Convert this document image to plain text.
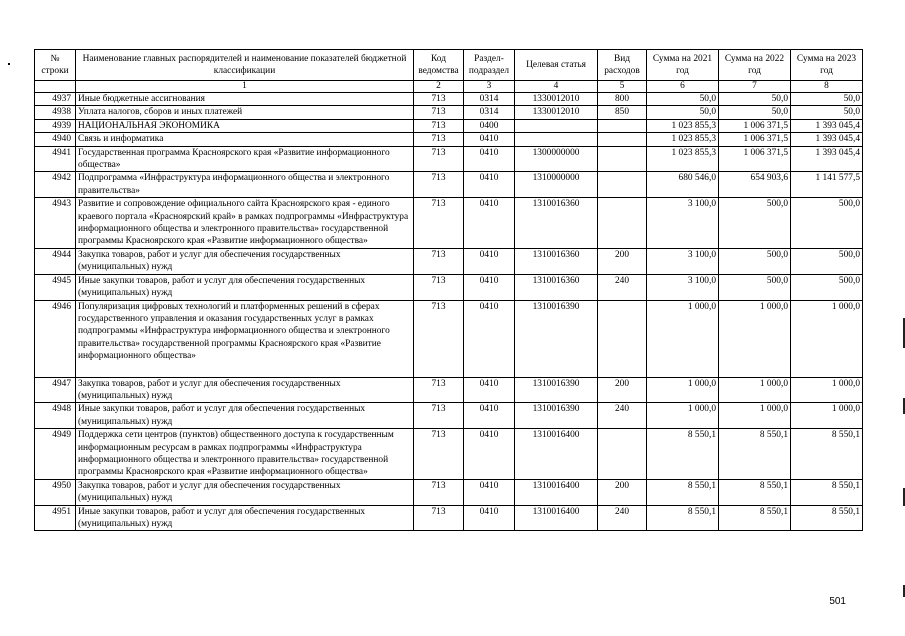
№ строки	Наименование главных распорядителей и наименование показателей бюджетной классификации	Код ведомства	Раздел-подраздел	Целевая статья	Вид расходов	Сумма на 2021 год	Сумма на 2022 год	Сумма на 2023 год
	1	2	3	4	5	6	7	8
4937	Иные бюджетные ассигнования	713	0314	1330012010	800	50,0	50,0	50,0
4938	Уплата налогов, сборов и иных платежей	713	0314	1330012010	850	50,0	50,0	50,0
4939	НАЦИОНАЛЬНАЯ ЭКОНОМИКА	713	0400			1 023 855,3	1 006 371,5	1 393 045,4
4940	Связь и информатика	713	0410			1 023 855,3	1 006 371,5	1 393 045,4
4941	Государственная программа Красноярского края «Развитие информационного общества»	713	0410	1300000000		1 023 855,3	1 006 371,5	1 393 045,4
4942	Подпрограмма «Инфраструктура информационного общества и электронного правительства»	713	0410	1310000000		680 546,0	654 903,6	1 141 577,5
4943	Развитие и сопровождение официального сайта Красноярского края - единого краевого портала «Красноярский край» в рамках подпрограммы «Инфраструктура информационного общества и электронного правительства» государственной программы Красноярского края «Развитие информационного общества»	713	0410	1310016360		3 100,0	500,0	500,0
4944	Закупка товаров, работ и услуг для обеспечения государственных (муниципальных) нужд	713	0410	1310016360	200	3 100,0	500,0	500,0
4945	Иные закупки товаров, работ и услуг для обеспечения государственных (муниципальных) нужд	713	0410	1310016360	240	3 100,0	500,0	500,0
4946	Популяризация цифровых технологий и платформенных решений в сферах государственного управления и оказания государственных услуг в рамках подпрограммы «Инфраструктура информационного общества и электронного правительства» государственной программы Красноярского края «Развитие информационного общества»	713	0410	1310016390		1 000,0	1 000,0	1 000,0
4947	Закупка товаров, работ и услуг для обеспечения государственных (муниципальных) нужд	713	0410	1310016390	200	1 000,0	1 000,0	1 000,0
4948	Иные закупки товаров, работ и услуг для обеспечения государственных (муниципальных) нужд	713	0410	1310016390	240	1 000,0	1 000,0	1 000,0
4949	Поддержка сети центров (пунктов) общественного доступа к государственным информационным ресурсам в рамках подпрограммы «Инфраструктура информационного общества и электронного правительства» государственной программы Красноярского края «Развитие информационного общества»	713	0410	1310016400		8 550,1	8 550,1	8 550,1
4950	Закупка товаров, работ и услуг для обеспечения государственных (муниципальных) нужд	713	0410	1310016400	200	8 550,1	8 550,1	8 550,1
4951	Иные закупки товаров, работ и услуг для обеспечения государственных (муниципальных) нужд	713	0410	1310016400	240	8 550,1	8 550,1	8 550,1
501
